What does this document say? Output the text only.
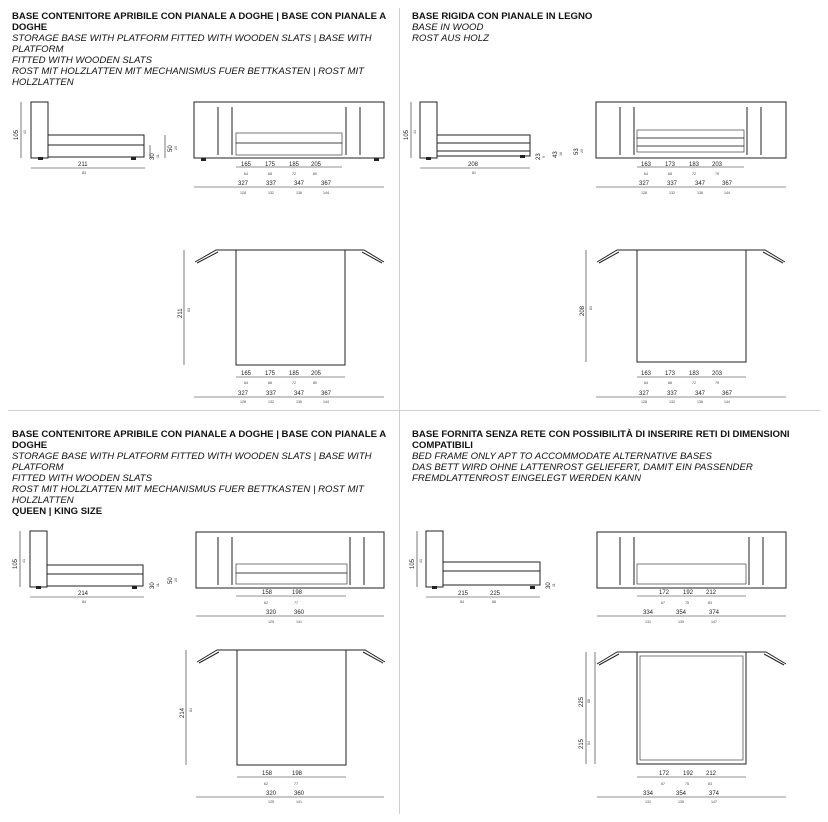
BASE CONTENITORE APRIBILE CON PIANALE A DOGHE | BASE CON PIANALE A DOGHE
STORAGE BASE WITH PLATFORM FITTED WITH WOODEN SLATS | BASE WITH PLATFORM
FITTED WITH WOODEN SLATS
ROST MIT HOLZLATTEN MIT MECHANISMUS FUER BETTKASTEN | ROST MIT HOLZLATTEN
105 41
211
83
30 11
50 20
165 175 185 205
64	68	72	80
327	337	347	367
128	132	136	144
211 83
165 175 185 205
64	68	72	80
327	337	347	367
128	132	136	144
BASE RIGIDA CON PIANALE IN LEGNO
BASE IN WOOD
ROST AUS HOLZ
105 41
208
81
23 9 43 16 53 20
163 173 183 203
64	68	72	79
327	337	347	367
128	132	136	144
208 81
163 173 183 203
64	68	72	79
327	337	347	367
128	132	136	144
BASE CONTENITORE APRIBILE CON PIANALE A DOGHE | BASE CON PIANALE A DOGHE
STORAGE BASE WITH PLATFORM FITTED WITH WOODEN SLATS | BASE WITH PLATFORM
FITTED WITH WOODEN SLATS
ROST MIT HOLZLATTEN MIT MECHANISMUS FUER BETTKASTEN | ROST MIT HOLZLATTEN
QUEEN | KING SIZE
105 41
214
84
30 11
50 20
158	198
62	77
320	360
125	141
214 84
158	198
62	77
320	360
125	141
BASE FORNITA SENZA RETE CON POSSIBILITÀ DI INSERIRE RETI DI DIMENSIONI
COMPATIBILI
BED FRAME ONLY APT TO ACCOMMODATE ALTERNATIVE BASES
DAS BETT WIRD OHNE LATTENROST GELIEFERT, DAMIT EIN PASSENDER
FREMDLATTENROST EINGELEGT WERDEN KANN
105 41
215	225
84	88
30 11
172 192 212
67	75	83
334	354	374
131	139	147
215 84
225 88
172 192 212
67	75	83
334	354	374
131	139	147
